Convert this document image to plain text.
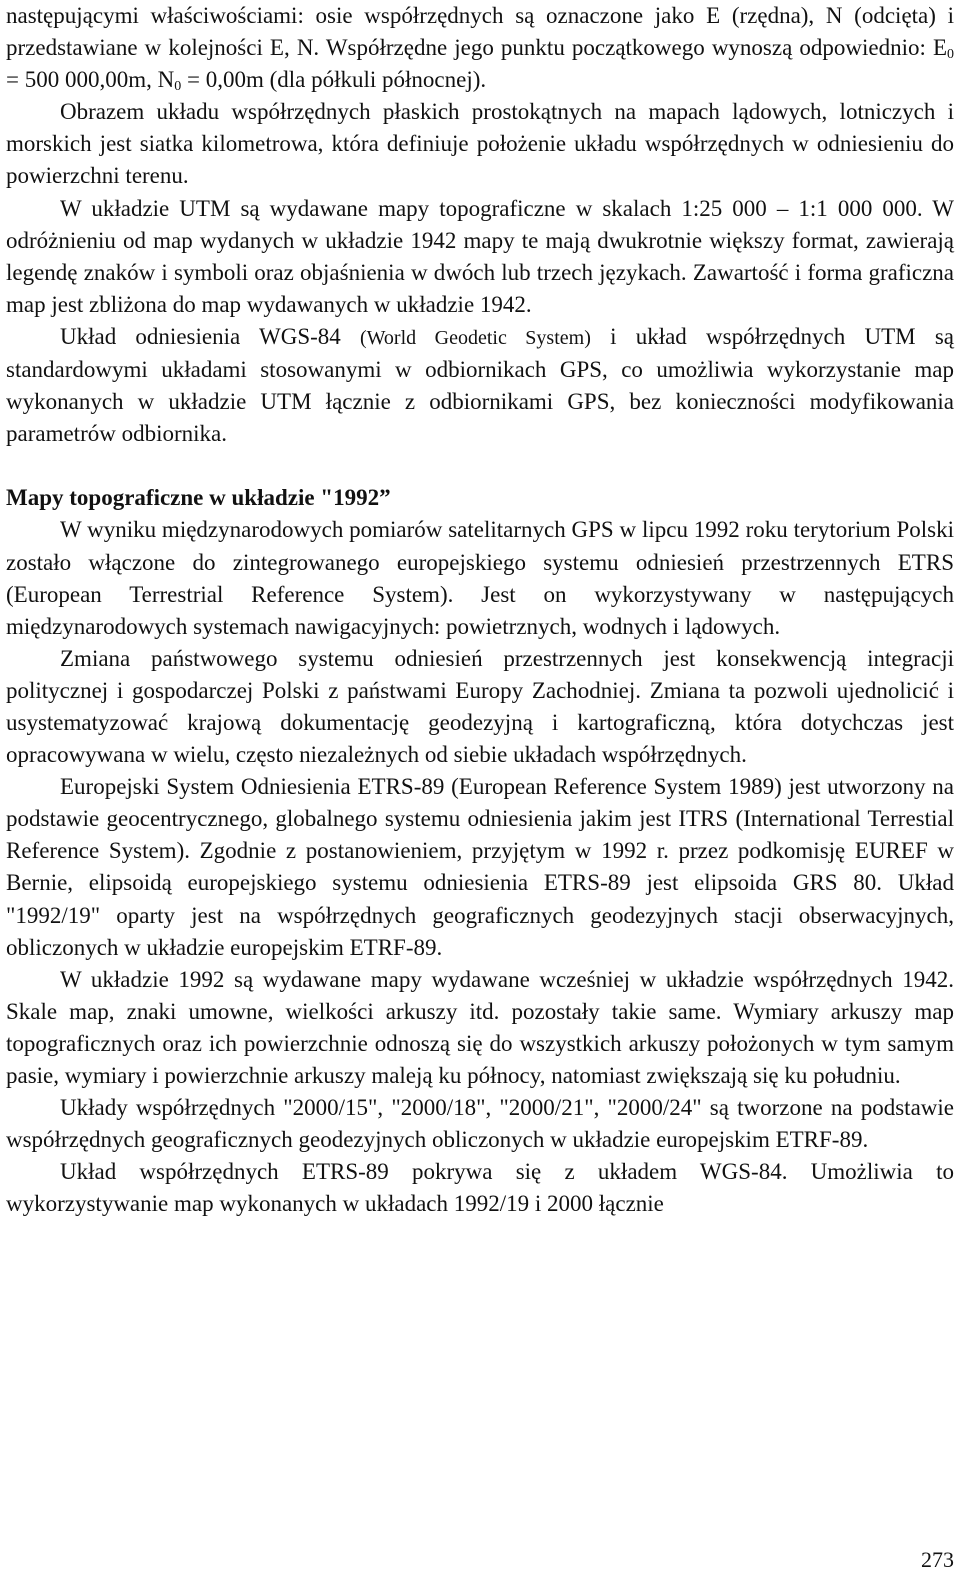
następującymi właściwościami: osie współrzędnych są oznaczone jako E (rzędna), N (odcięta) i przedstawiane w kolejności E, N. Współrzędne jego punktu początkowego wynoszą odpowiednio: $E_0 = 500$ 000,00m, $N_0 = 0,00m$ (dla półkuli północnej).

Obrazem układu współrzędnych płaskich prostokątnych na mapach lądowych, lotniczych i morskich jest siatka kilometrowa, która definiuje położenie układu współrzędnych w odniesieniu do powierzchni terenu.

W układzie UTM są wydawane mapy topograficzne w skalach 1:25 000 – 1:1 000 000. W odróżnieniu od map wydanych w układzie 1942 mapy te mają dwukrotnie większy format, zawierają legendę znaków i symboli oraz objaśnienia w dwóch lub trzech językach. Zawartość i forma graficzna map jest zbliżona do map wydawanych w układzie 1942.

Układ odniesienia WGS-84 (World Geodetic System) i układ współrzędnych UTM są standardowymi układami stosowanymi w odbiornikach GPS, co umożliwia wykorzystanie map wykonanych w układzie UTM łącznie z odbiornikami GPS, bez konieczności modyfikowania parametrów odbiornika.

Mapy topograficzne w układzie "1992”

W wyniku międzynarodowych pomiarów satelitarnych GPS w lipcu 1992 roku terytorium Polski zostało włączone do zintegrowanego europejskiego systemu odniesień przestrzennych ETRS (European Terrestrial Reference System). Jest on wykorzystywany w następujących międzynarodowych systemach nawigacyjnych: powietrznych, wodnych i lądowych.

Zmiana państwowego systemu odniesień przestrzennych jest konsekwencją integracji politycznej i gospodarczej Polski z państwami Europy Zachodniej. Zmiana ta pozwoli ujednolicić i usystematyzować krajową dokumentację geodezyjną i kartograficzną, która dotychczas jest opracowywana w wielu, często niezależnych od siebie układach współrzędnych.

Europejski System Odniesienia ETRS-89 (European Reference System 1989) jest utworzony na podstawie geocentrycznego, globalnego systemu odniesienia jakim jest ITRS (International Terrestial Reference System). Zgodnie z postanowieniem, przyjętym w 1992 r. przez podkomisję EUREF w Bernie, elipsoidą europejskiego systemu odniesienia ETRS-89 jest elipsoida GRS 80. Układ "1992/19" oparty jest na współrzędnych geograficznych geodezyjnych stacji obserwacyjnych, obliczonych w układzie europejskim ETRF-89.

W układzie 1992 są wydawane mapy wydawane wcześniej w układzie współrzędnych 1942. Skale map, znaki umowne, wielkości arkuszy itd. pozostały takie same. Wymiary arkuszy map topograficznych oraz ich powierzchnie odnoszą się do wszystkich arkuszy położonych w tym samym pasie, wymiary i powierzchnie arkuszy maleją ku północy, natomiast zwiększają się ku południu.

Układy współrzędnych "2000/15", "2000/18", "2000/21", "2000/24" są tworzone na podstawie współrzędnych geograficznych geodezyjnych obliczonych w układzie europejskim ETRF-89.

Układ współrzędnych ETRS-89 pokrywa się z układem WGS-84. Umożliwia to wykorzystywanie map wykonanych w układach 1992/19 i 2000 łącznie

273
